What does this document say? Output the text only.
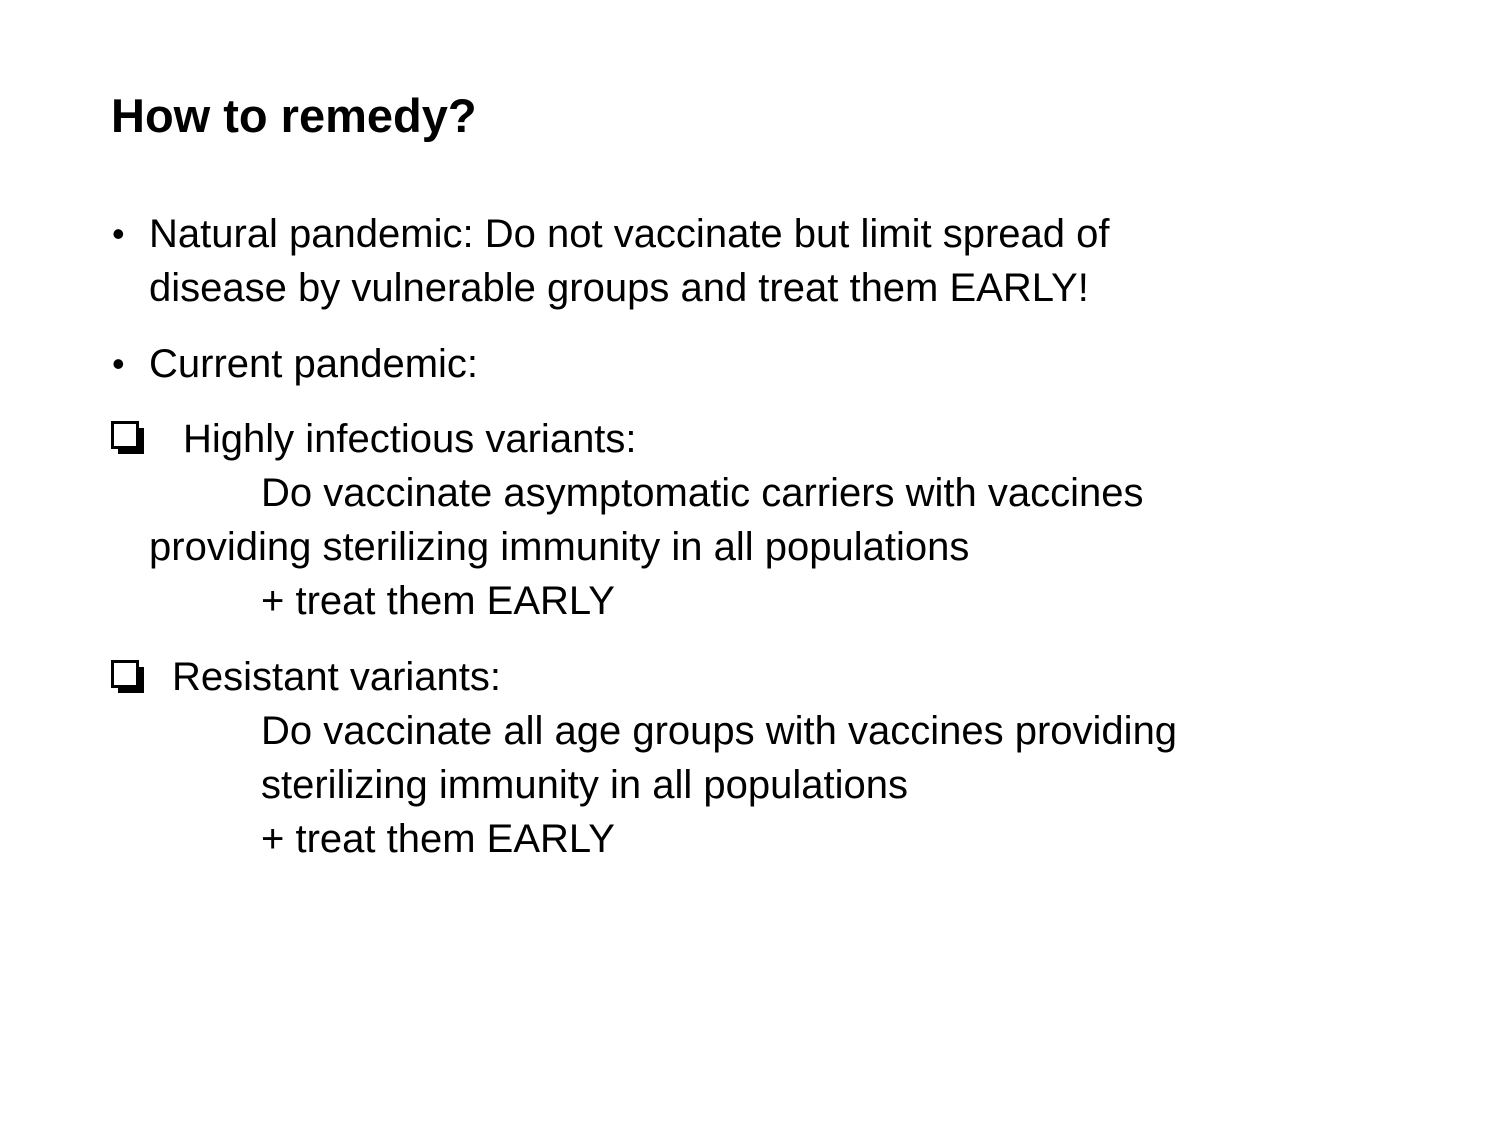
How to remedy?
• Natural pandemic: Do not vaccinate but limit spread of
disease by vulnerable groups and treat them EARLY!
• Current pandemic:
Highly infectious variants:
Do vaccinate asymptomatic carriers with vaccines
providing sterilizing immunity in all populations
+ treat them EARLY
Resistant variants:
Do vaccinate all age groups with vaccines providing
sterilizing immunity in all populations
+ treat them EARLY
